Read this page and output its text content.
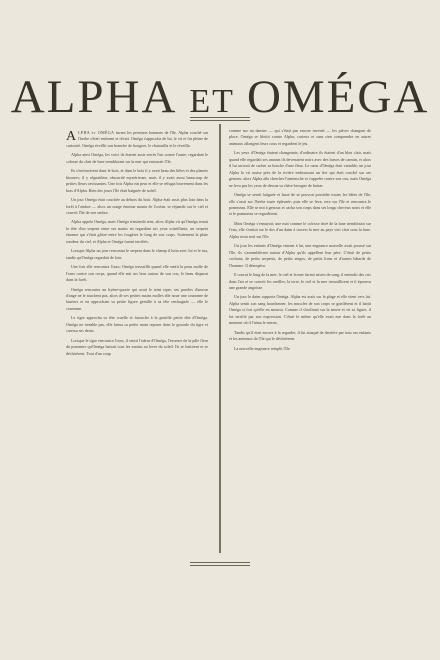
ALPHA ET OMÉGA

ALPHA et OMÉGA furent les premiers hommes de l'île. Alpha couché sur l'herbe s'était endormi et rêvait. Oméga s'approcha de lui, le vit et fut pleine de curiosité. Oméga éveillit son branche de bougere, le chatouilla et le réveilla.

Alpha ainsi Oméga, les voici ils étaient assis serrés l'un contre l'autre, regardant le colosse du clair de lune tremblotant sur la mer qui entourait l'île.

Ils s'enfoncèrent dans le bois, et dans le bois il y avait beau des bêtes et des plantes bizarres; il y régnaitleur obscurité mystérieuse, mais il y avait aussi beaucoup de petites fleurs ravissantes. Une fois Alpha eut peur et elle se réfugia bravement dans les bras d'Alpha. Bien des jours l'île était baignée de soleil.

Un jour Oméga était couchée au dehors du bois. Alpha était assis plus loin dans la forêt à l'ombre — alors un songe énorme monta de l'océan, se répandit sur le ciel et couvrit l'île de son ombre.

Alpha appela Oméga, mais Oméga n'entendit rien; alors Alpha vit qu'Oméga tenait la tête d'un serpent entre ses mains en regardant ses yeux scintillants, un serpent énorme qui s'était glissé entre les fougères le long de son corps. Sottement la plate rondeur du ciel, et Alpha et Oméga furent terrifiés.

Lorsque Alpha un jour rencontra le serpent dans le champ il lutta avec lui et le tua, tandis qu'Oméga regardait de loin.

Une fois elle rencontra l'ours; Oméga tressaillit quand elle sentit la peau molle de l'ours contre son corps, quand elle mit ses bras autour de son cou, le beau disparut dans la forêt.

Oméga rencontra un hyène-quorte qui avait le teint riper; ses paroles d'amour d'ange ne le touchent pas, alors de ses petites mains molles elle noue une couronne de lauriers et en approchant sa petite figure gentille à sa tête renfrognée — elle le couronne.

Le tigre approcha sa tête cruelle et farouche à la gentille petite tête d'Oméga. Oméga ne tremble pas, elle laissa sa petite main reposer dans le gosoule du tigre et caressa ses dents.

Lorsque le tigre rencontra l'ours, il sentit l'odeur d'Oméga, l'essence de la pâle fleur du pommier qu'Oméga baisait tous les matins au lever du soleil. Ils se battirent et se déchirèrent. Tout d'un coup

comme sur un damier — qui s'était pas encore inventé — les pièces changent de place. Oméga se blottit contre Alpha; curieux et sans rien comprendre en autres animaux allongent leurs cous et regardent le jeu.

Les yeux d'Oméga étaient changeants; d'ordinaire ils étaient d'un bleu clair, mais quand elle regardait ses amants ils devenaient noirs avec des lueurs de carmin, et alors il lui arrivait de cacher sa bouche d'une fleur. Le cœur d'Oméga était variable; un jour Alpha la vit assise près de la rivière embrassant un fier qui était couché sur ses genoux; alors Alpha alla chercher l'antenoche et s'apprête contre son cou, mais Oméga ne leva pas les yeux de dessus sa chère besogne de baiser.

Oméga se sentit fatiguée et lasse de se pouvoir posséder toutes les bêtes de l'île; elle s'assit sur l'herbe toute épleurée; puis elle se leva, erra sur l'île et rencontra le pommeau. Elle se mit à genoux et cacha son corps dans ses longs cheveux noirs et elle et le pommeau se regardèrent.

Mais Oméga s'ennuyait; une nuit comme le colosse doré de la lune tremblotait sur l'eau, elle s'enfuit sur le dos d'un daim à travers la mer au pays vert clair sous la lune. Alpha resta seul sur l'île.

Un jour les enfants d'Oméga vinrent à lui, une engeance nouvelle avait poussé sur l'île, ils s'assemblèrent autour d'Alpha qu'ils appellent leur père. C'était de petits cochons, de petits serpents, de petits singes, de petits lions et d'autres bâtards de l'homme. Il désespéra.

Il courut le long de la mer; le ciel et la mer furent tristes de sang; il entendit des cris dans l'air et se couvrit les oreilles; la terre, le ciel et la mer tressaillirent et il éprouva une grande angoisse.

Un jour le daim rapporta Oméga. Alpha est assis sur la plage et elle vient vers lui. Alpha sentit son sang bourdonner, les muscles de son corps se gonflèrent et il battit Oméga si fort qu'elle en mourut. Comme il s'inclinait sur la morte et vit sa figure, il fut terrifié par son expression. C'était le même qu'elle avait eue dans la forêt au moment où il l'aima le mieux.

Tandis qu'il était encore à la regarder, il fut attaqué de derrière par tous ses enfants et les animaux de l'île qui le déchirèrent.

La nouvelle engeance remplit l'île.
